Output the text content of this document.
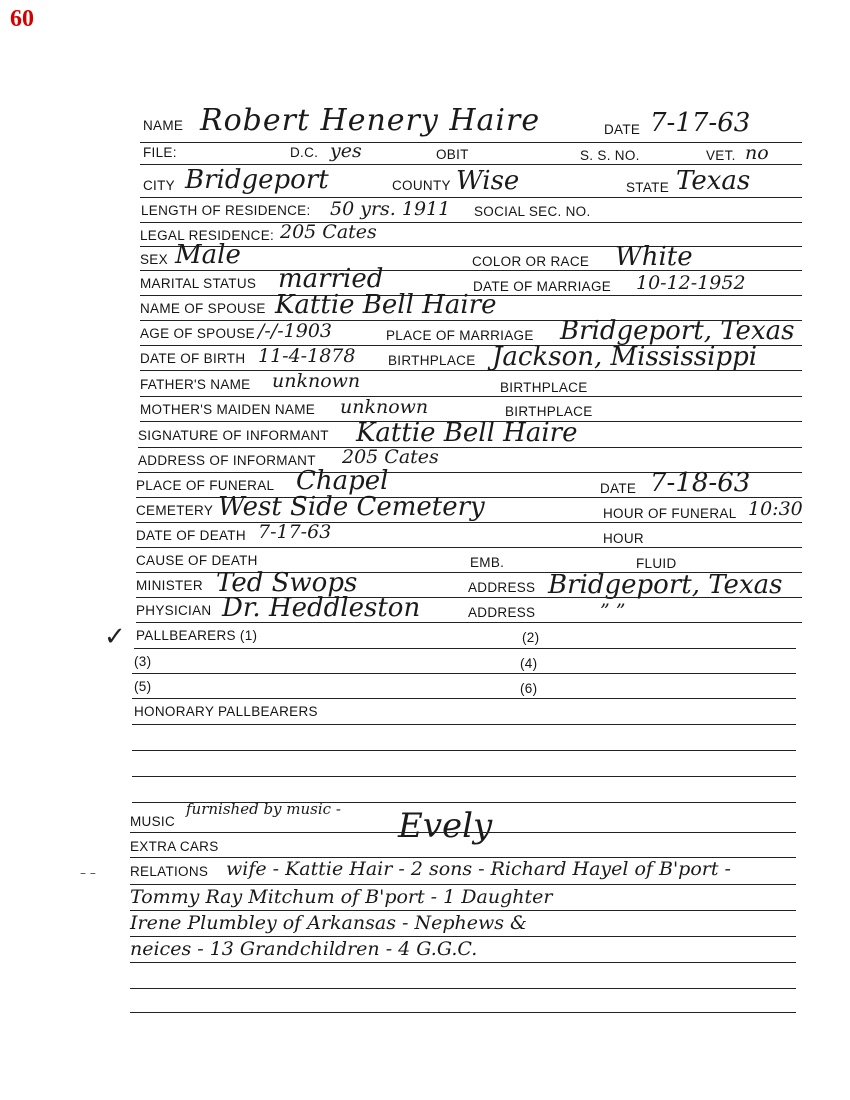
60
NAME Robert Henery Haire	DATE 7-17-63
FILE:	D.C. yes	OBIT	S. S. NO.	VET. no
CITY Bridgeport	COUNTY Wise	STATE Texas
LENGTH OF RESIDENCE: 50 yrs. 1911 SOCIAL SEC. NO.
LEGAL RESIDENCE: 205 Cates
SEX Male	COLOR OR RACE White
MARITAL STATUS married	DATE OF MARRIAGE 10-12-1952
NAME OF SPOUSE Kattie Bell Haire
AGE OF SPOUSE /-/-1903	PLACE OF MARRIAGE Bridgeport, Texas
DATE OF BIRTH 11-4-1878 BIRTHPLACE Jackson, Mississippi
FATHER'S NAME unknown	BIRTHPLACE
MOTHER'S MAIDEN NAME unknown	BIRTHPLACE
SIGNATURE OF INFORMANT Kattie Bell Haire
ADDRESS OF INFORMANT 205 Cates
PLACE OF FUNERAL Chapel	DATE 7-18-63
CEMETERY West Side Cemetery	HOUR OF FUNERAL 10:30
DATE OF DEATH 7-17-63	HOUR
CAUSE OF DEATH	EMB.	FLUID
MINISTER Ted Swops	ADDRESS Bridgeport, Texas
PHYSICIAN Dr. Heddleston	ADDRESS	” ”
✓ PALLBEARERS (1)	(2)
(3)	(4)
(5)	(6)
HONORARY PALLBEARERS
MUSIC
furnished by music - Evely
EXTRA CARS
– –	RELATIONS wife - Kattie Hair - 2 sons - Richard Hayel of B'port -
Tommy Ray Mitchum of B'port - 1 Daughter
Irene Plumbley of Arkansas - Nephews &
neices - 13 Grandchildren - 4 G.G.C.
